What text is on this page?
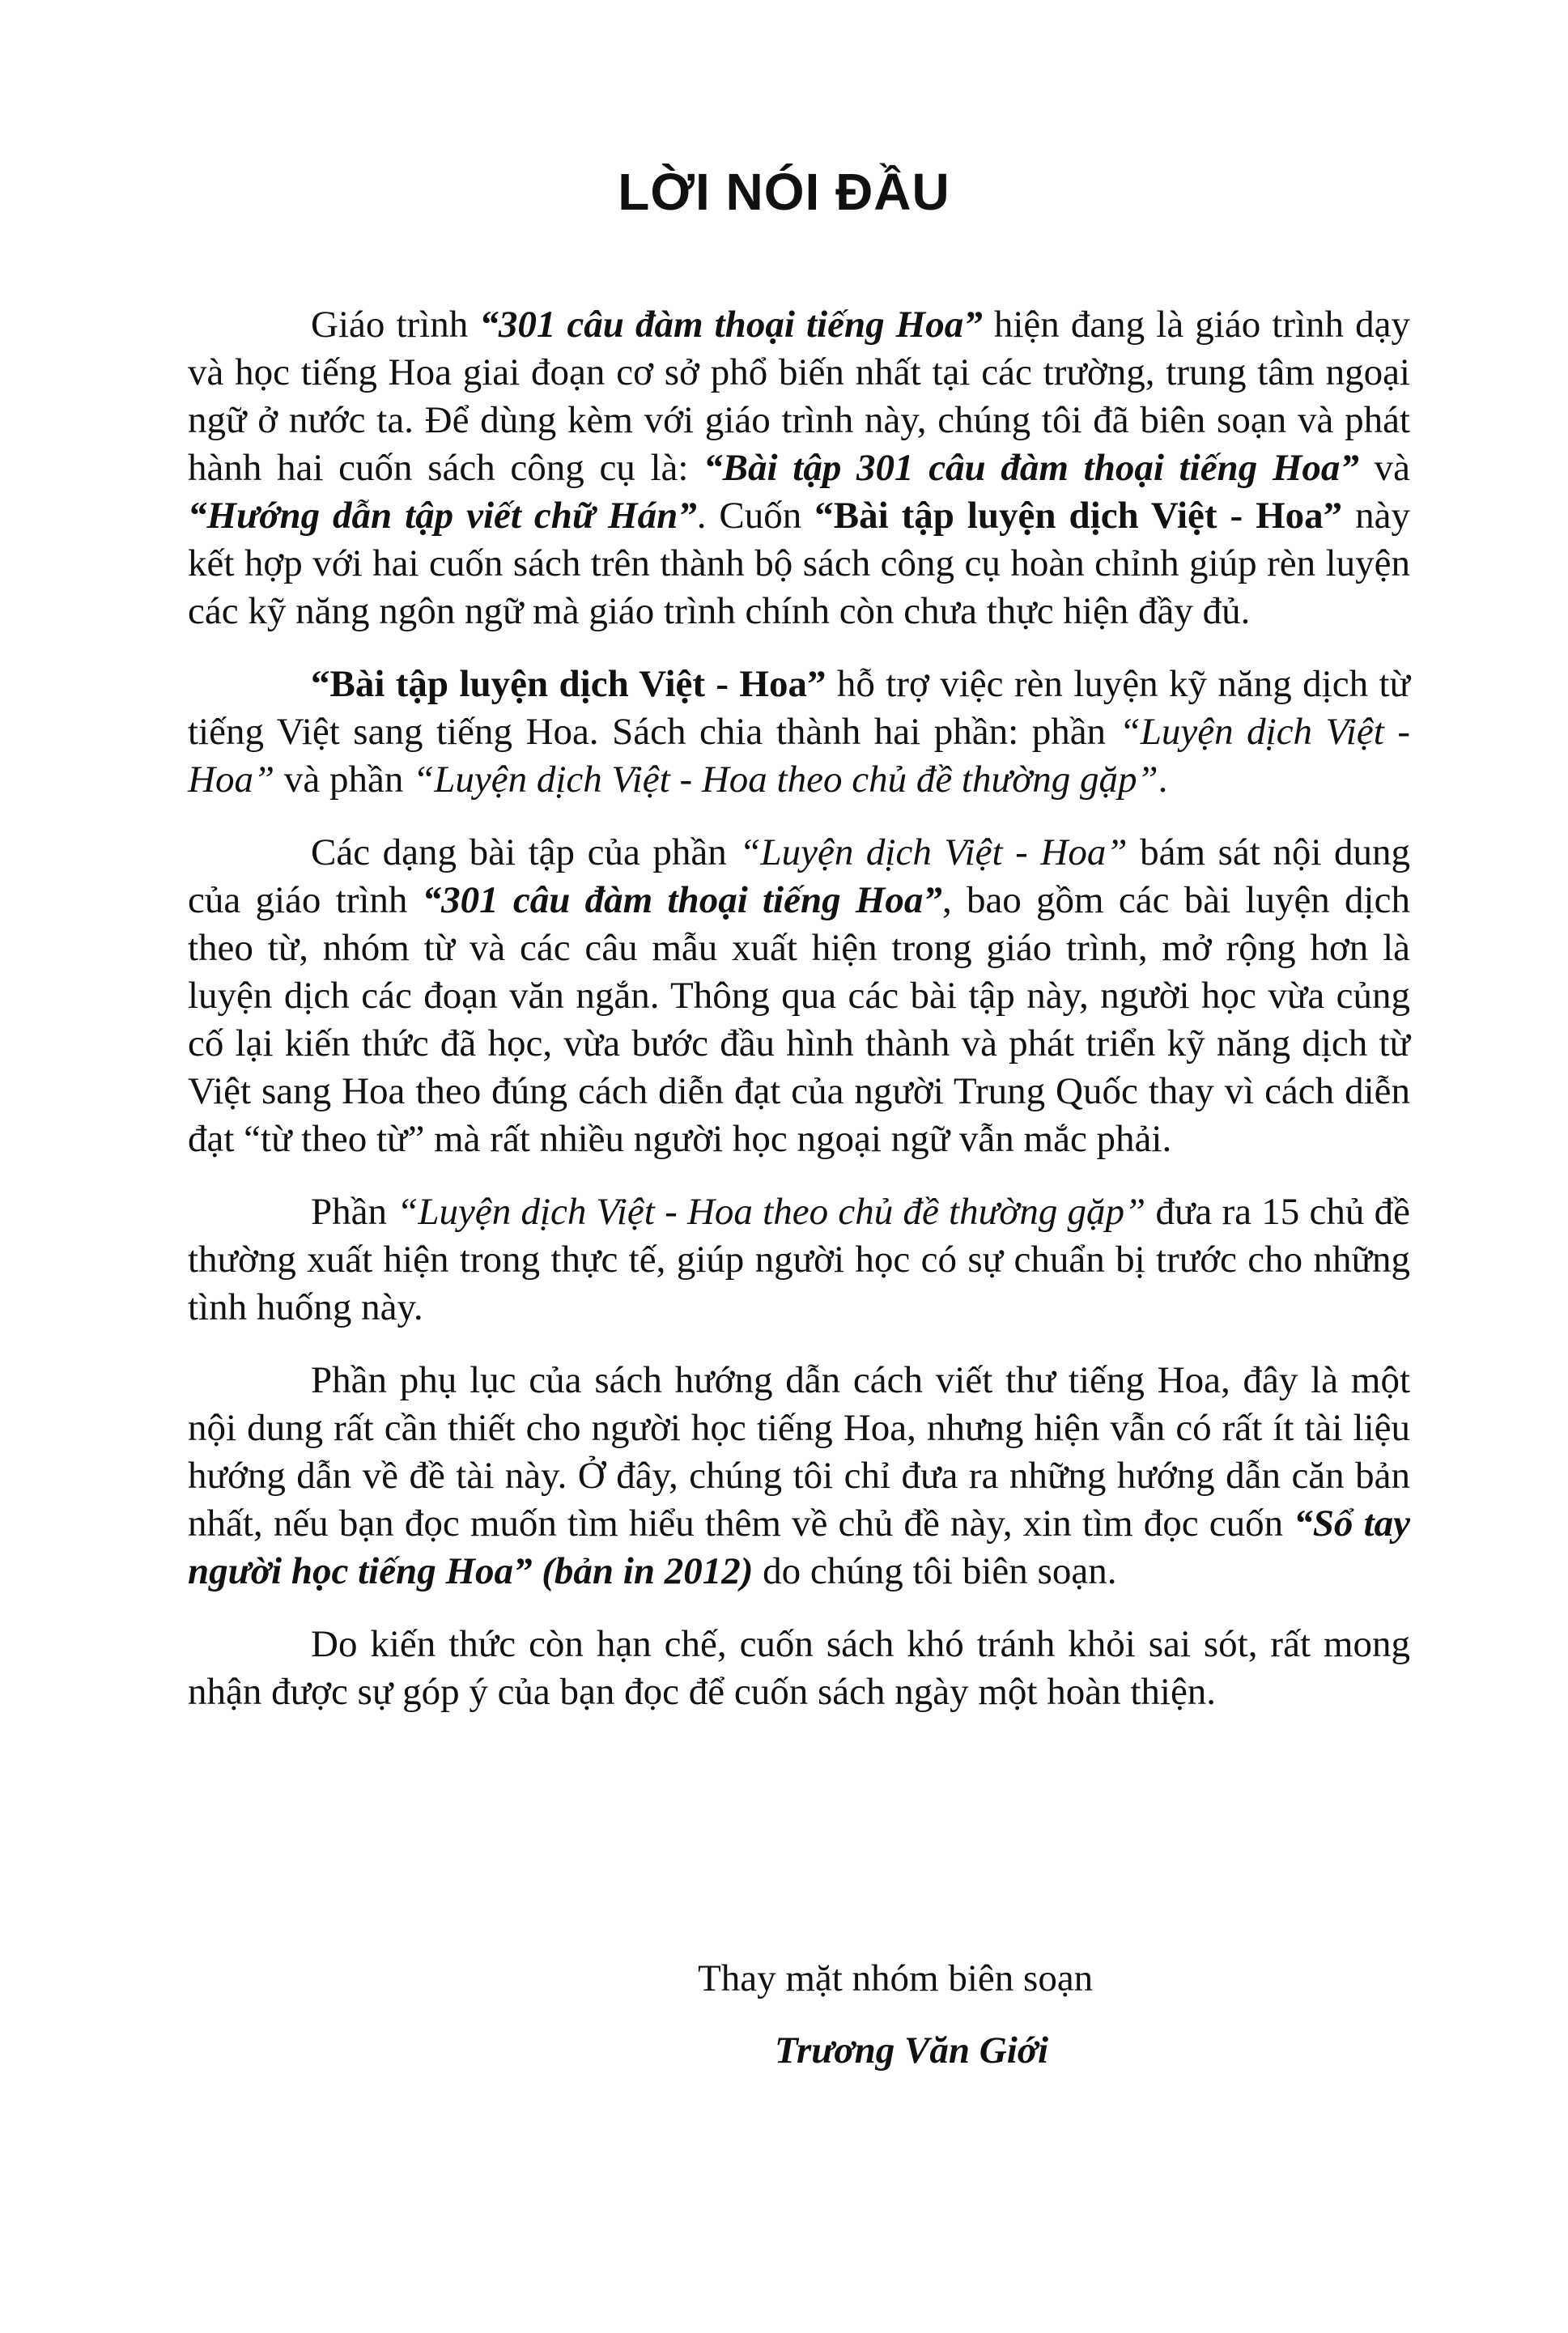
LỜI NÓI ĐẦU

Giáo trình “301 câu đàm thoại tiếng Hoa” hiện đang là giáo trình dạy và học tiếng Hoa giai đoạn cơ sở phổ biến nhất tại các trường, trung tâm ngoại ngữ ở nước ta. Để dùng kèm với giáo trình này, chúng tôi đã biên soạn và phát hành hai cuốn sách công cụ là: “Bài tập 301 câu đàm thoại tiếng Hoa” và “Hướng dẫn tập viết chữ Hán”. Cuốn “Bài tập luyện dịch Việt - Hoa” này kết hợp với hai cuốn sách trên thành bộ sách công cụ hoàn chỉnh giúp rèn luyện các kỹ năng ngôn ngữ mà giáo trình chính còn chưa thực hiện đầy đủ.

“Bài tập luyện dịch Việt - Hoa” hỗ trợ việc rèn luyện kỹ năng dịch từ tiếng Việt sang tiếng Hoa. Sách chia thành hai phần: phần “Luyện dịch Việt - Hoa” và phần “Luyện dịch Việt - Hoa theo chủ đề thường gặp”.

Các dạng bài tập của phần “Luyện dịch Việt - Hoa” bám sát nội dung của giáo trình “301 câu đàm thoại tiếng Hoa”, bao gồm các bài luyện dịch theo từ, nhóm từ và các câu mẫu xuất hiện trong giáo trình, mở rộng hơn là luyện dịch các đoạn văn ngắn. Thông qua các bài tập này, người học vừa củng cố lại kiến thức đã học, vừa bước đầu hình thành và phát triển kỹ năng dịch từ Việt sang Hoa theo đúng cách diễn đạt của người Trung Quốc thay vì cách diễn đạt “từ theo từ” mà rất nhiều người học ngoại ngữ vẫn mắc phải.

Phần “Luyện dịch Việt - Hoa theo chủ đề thường gặp” đưa ra 15 chủ đề thường xuất hiện trong thực tế, giúp người học có sự chuẩn bị trước cho những tình huống này.

Phần phụ lục của sách hướng dẫn cách viết thư tiếng Hoa, đây là một nội dung rất cần thiết cho người học tiếng Hoa, nhưng hiện vẫn có rất ít tài liệu hướng dẫn về đề tài này. Ở đây, chúng tôi chỉ đưa ra những hướng dẫn căn bản nhất, nếu bạn đọc muốn tìm hiểu thêm về chủ đề này, xin tìm đọc cuốn “Sổ tay người học tiếng Hoa” (bản in 2012) do chúng tôi biên soạn.

Do kiến thức còn hạn chế, cuốn sách khó tránh khỏi sai sót, rất mong nhận được sự góp ý của bạn đọc để cuốn sách ngày một hoàn thiện.

Thay mặt nhóm biên soạn

Trương Văn Giới
